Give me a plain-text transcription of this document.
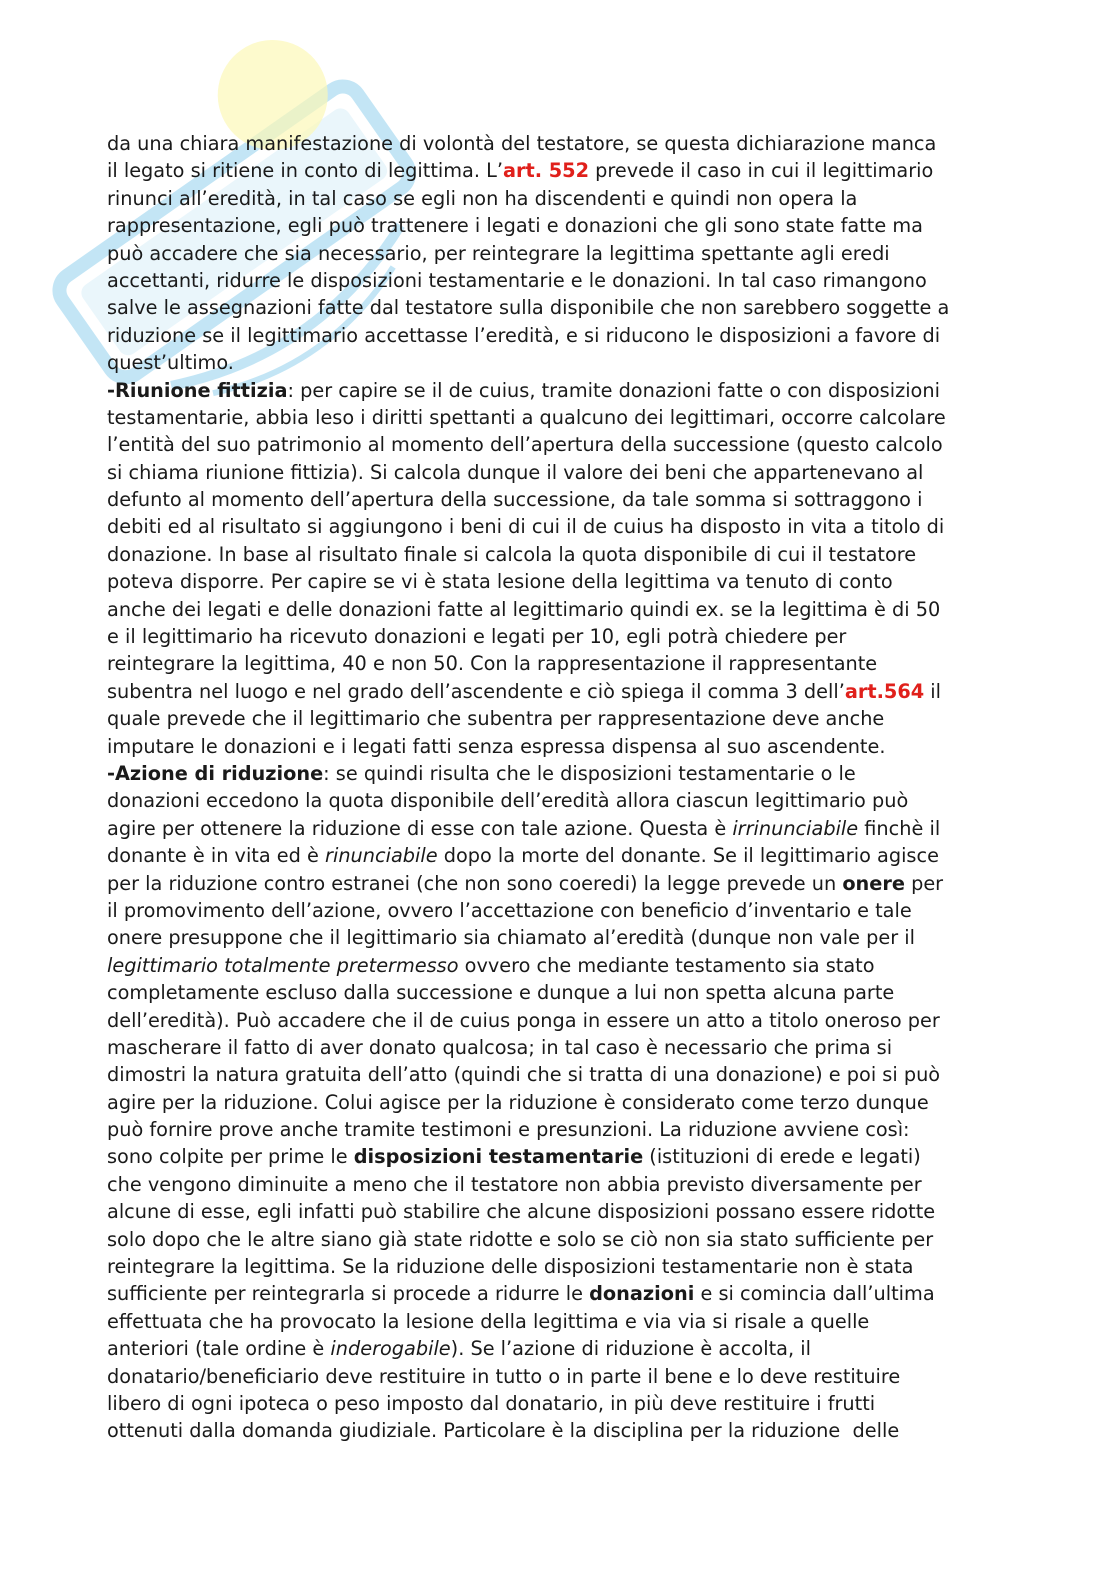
da una chiara manifestazione di volontà del testatore, se questa dichiarazione manca
il legato si ritiene in conto di legittima. L’art. 552 prevede il caso in cui il legittimario
rinunci all’eredità, in tal caso se egli non ha discendenti e quindi non opera la
rappresentazione, egli può trattenere i legati e donazioni che gli sono state fatte ma
può accadere che sia necessario, per reintegrare la legittima spettante agli eredi
accettanti, ridurre le disposizioni testamentarie e le donazioni. In tal caso rimangono
salve le assegnazioni fatte dal testatore sulla disponibile che non sarebbero soggette a
riduzione se il legittimario accettasse l’eredità, e si riducono le disposizioni a favore di
quest’ultimo.
-Riunione fittizia: per capire se il de cuius, tramite donazioni fatte o con disposizioni
testamentarie, abbia leso i diritti spettanti a qualcuno dei legittimari, occorre calcolare
l’entità del suo patrimonio al momento dell’apertura della successione (questo calcolo
si chiama riunione fittizia). Si calcola dunque il valore dei beni che appartenevano al
defunto al momento dell’apertura della successione, da tale somma si sottraggono i
debiti ed al risultato si aggiungono i beni di cui il de cuius ha disposto in vita a titolo di
donazione. In base al risultato finale si calcola la quota disponibile di cui il testatore
poteva disporre. Per capire se vi è stata lesione della legittima va tenuto di conto
anche dei legati e delle donazioni fatte al legittimario quindi ex. se la legittima è di 50
e il legittimario ha ricevuto donazioni e legati per 10, egli potrà chiedere per
reintegrare la legittima, 40 e non 50. Con la rappresentazione il rappresentante
subentra nel luogo e nel grado dell’ascendente e ciò spiega il comma 3 dell’art.564 il
quale prevede che il legittimario che subentra per rappresentazione deve anche
imputare le donazioni e i legati fatti senza espressa dispensa al suo ascendente.
-Azione di riduzione: se quindi risulta che le disposizioni testamentarie o le
donazioni eccedono la quota disponibile dell’eredità allora ciascun legittimario può
agire per ottenere la riduzione di esse con tale azione. Questa è irrinunciabile finchè il
donante è in vita ed è rinunciabile dopo la morte del donante. Se il legittimario agisce
per la riduzione contro estranei (che non sono coeredi) la legge prevede un onere per
il promovimento dell’azione, ovvero l’accettazione con beneficio d’inventario e tale
onere presuppone che il legittimario sia chiamato al’eredità (dunque non vale per il
legittimario totalmente pretermesso ovvero che mediante testamento sia stato
completamente escluso dalla successione e dunque a lui non spetta alcuna parte
dell’eredità). Può accadere che il de cuius ponga in essere un atto a titolo oneroso per
mascherare il fatto di aver donato qualcosa; in tal caso è necessario che prima si
dimostri la natura gratuita dell’atto (quindi che si tratta di una donazione) e poi si può
agire per la riduzione. Colui agisce per la riduzione è considerato come terzo dunque
può fornire prove anche tramite testimoni e presunzioni. La riduzione avviene così:
sono colpite per prime le disposizioni testamentarie (istituzioni di erede e legati)
che vengono diminuite a meno che il testatore non abbia previsto diversamente per
alcune di esse, egli infatti può stabilire che alcune disposizioni possano essere ridotte
solo dopo che le altre siano già state ridotte e solo se ciò non sia stato sufficiente per
reintegrare la legittima. Se la riduzione delle disposizioni testamentarie non è stata
sufficiente per reintegrarla si procede a ridurre le donazioni e si comincia dall’ultima
effettuata che ha provocato la lesione della legittima e via via si risale a quelle
anteriori (tale ordine è inderogabile). Se l’azione di riduzione è accolta, il
donatario/beneficiario deve restituire in tutto o in parte il bene e lo deve restituire
libero di ogni ipoteca o peso imposto dal donatario, in più deve restituire i frutti
ottenuti dalla domanda giudiziale. Particolare è la disciplina per la riduzione  delle
